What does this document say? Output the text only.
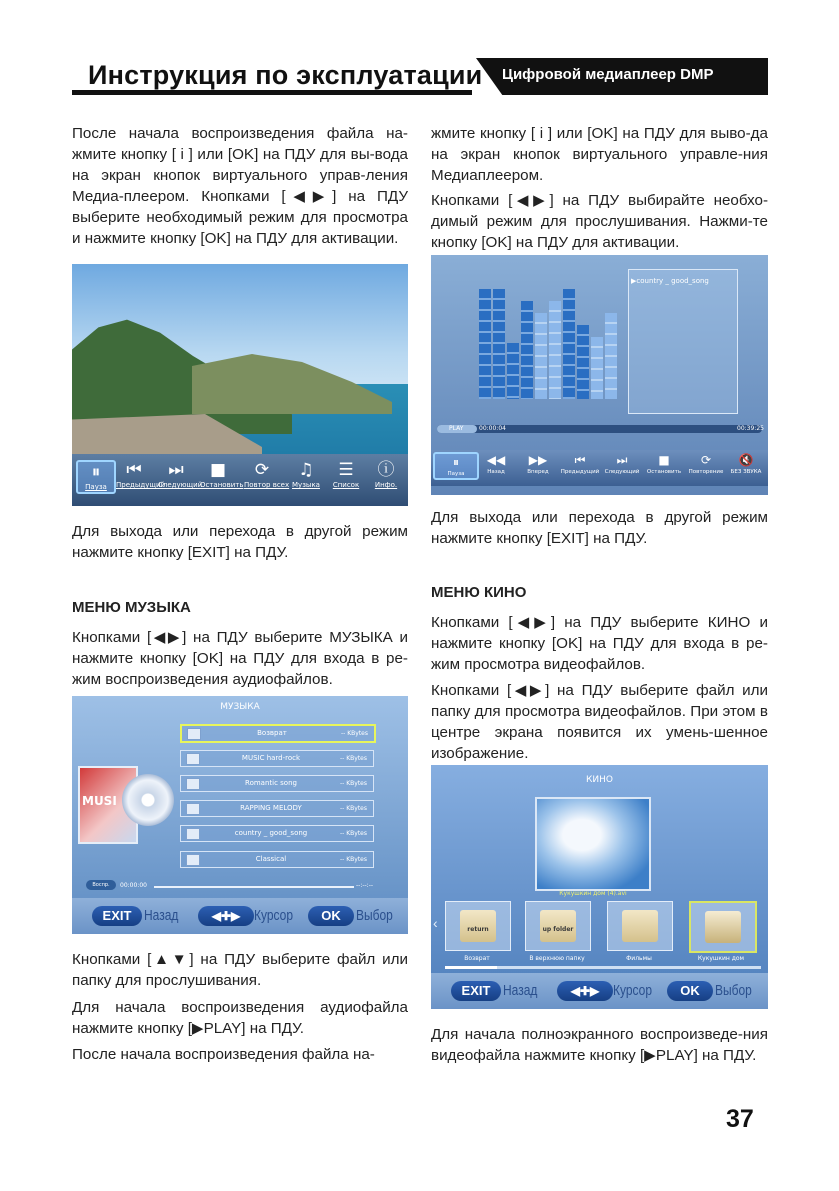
Инструкция по эксплуатации Цифровой медиаплеер DMP

После начала воспроизведения файла на-жмите кнопку [ i ] или [OK] на ПДУ для вы-вода на экран кнопок виртуального управ-ления Медиа-плеером. Кнопками [◀▶] на ПДУ выберите необходимый режим для просмотра и нажмите кнопку [OK] на ПДУ для активации.

⏸
Пауза
⏮
Предыдущий
⏭
Следующий
■
Остановить
⟳
Повтор всех
♫
Музыка
☰
Список
ⓘ
Инфо.

Для выхода или перехода в другой режим нажмите кнопку [EXIT] на ПДУ.

МЕНЮ МУЗЫКА

Кнопками [◀▶] на ПДУ выберите МУЗЫКА и нажмите кнопку [OK] на ПДУ для входа в ре-жим воспроизведения аудиофайлов.

МУЗЫКА
MUSI
Возврат	-- KBytes
MUSIC hard-rock	-- KBytes
Romantic song	-- KBytes
RAPPING MELODY	-- KBytes
country _ good_song	-- KBytes
Classical	-- KBytes
Воспр.	00:00:00	--:--:--
EXIT Назад	◀✚▶ Курсор	OK	Выбор

Кнопками [▲▼] на ПДУ выберите файл или папку для прослушивания.

Для начала воспроизведения аудиофайла нажмите кнопку [▶PLAY] на ПДУ.

После начала воспроизведения файла на-

жмите кнопку [ i ] или [OK] на ПДУ для выво-да на экран кнопок виртуального управле-ния Медиаплеером.

Кнопками [◀▶] на ПДУ выбирайте необхо-димый режим для прослушивания. Нажми-те кнопку [OK] на ПДУ для активации.

▶country _ good_song
PLAY	00:00:04	00:39:25
⏸
Пауза
◀◀
Назад
▶▶
Вперед
⏮
Предыдущий
⏭
Следующий
■
Остановить
⟳
Повторение
🔇
БЕЗ ЗВУКА

Для выхода или перехода в другой режим нажмите кнопку [EXIT] на ПДУ.

МЕНЮ КИНО

Кнопками [◀▶] на ПДУ выберите КИНО и нажмите кнопку [OK] на ПДУ для входа в ре-жим просмотра видеофайлов.

Кнопками [◀▶] на ПДУ выберите файл или папку для просмотра видеофайлов. При этом в центре экрана появится их умень-шенное изображение.

КИНО
Кукушкин дом (4).avi
‹	return	up folder
Возврат	В верхнюю папку	Фильмы	Кукушкин дом
EXIT Назад	◀✚▶ Курсор	OK	Выбор

Для начала полноэкранного воспроизведе-ния видеофайла нажмите кнопку [▶PLAY] на ПДУ.

37
